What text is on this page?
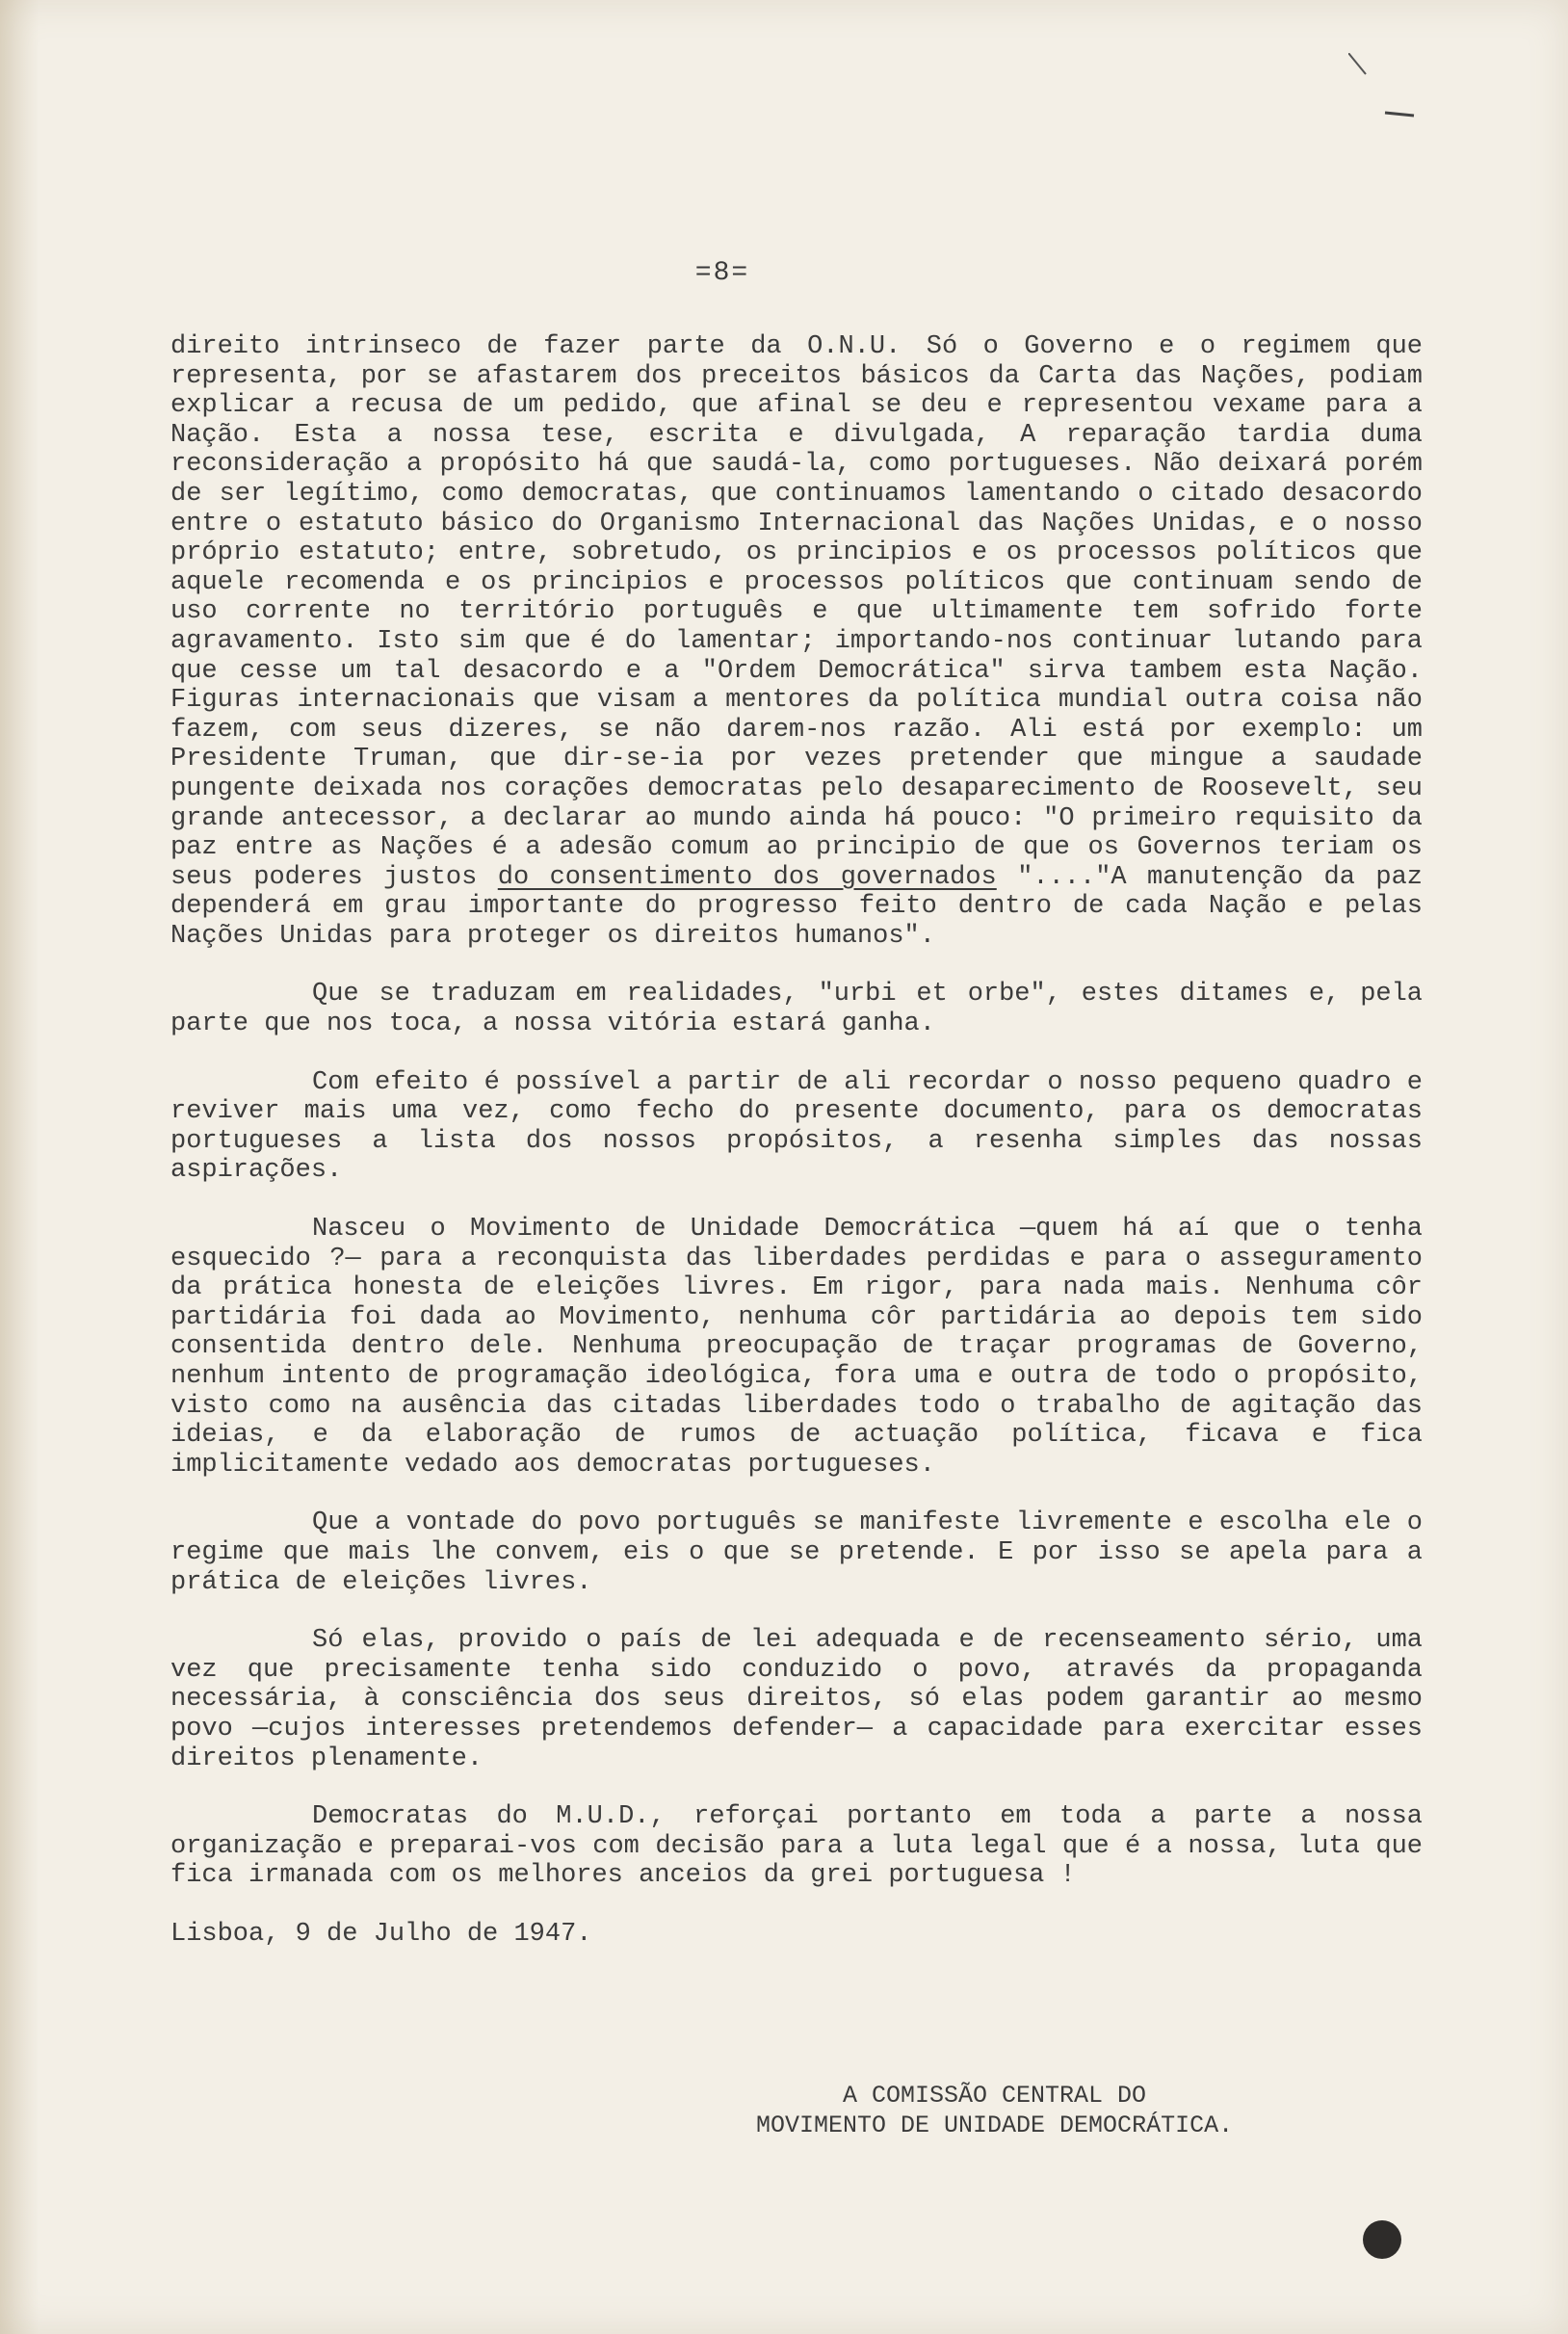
=8=

direito intrinseco de fazer parte da O.N.U. Só o Governo e o regimem que representa, por se afastarem dos preceitos básicos da Carta das Nações, podiam explicar a recusa de um pedido, que afinal se deu e representou vexame para a Nação. Esta a nossa tese, escrita e divulgada, A reparação tardia duma reconsideração a propósito há que saudá-la, como portugueses. Não deixará porém de ser legítimo, como democratas, que continuamos lamentando o citado desacordo entre o estatuto básico do Organismo Internacional das Nações Unidas, e o nosso próprio estatuto; entre, sobretudo, os principios e os processos políticos que aquele recomenda e os principios e processos políticos que continuam sendo de uso corrente no território português e que ultimamente tem sofrido forte agravamento. Isto sim que é do lamentar; importando-nos continuar lutando para que cesse um tal desacordo e a "Ordem Democrática" sirva tambem esta Nação. Figuras internacionais que visam a mentores da política mundial outra coisa não fazem, com seus dizeres, se não darem-nos razão. Ali está por exemplo: um Presidente Truman, que dir-se-ia por vezes pretender que mingue a saudade pungente deixada nos corações democratas pelo desaparecimento de Roosevelt, seu grande antecessor, a declarar ao mundo ainda há pouco: "O primeiro requisito da paz entre as Nações é a adesão comum ao principio de que os Governos teriam os seus poderes justos do consentimento dos governados "...."A manutenção da paz dependerá em grau importante do progresso feito dentro de cada Nação e pelas Nações Unidas para proteger os direitos humanos".

Que se traduzam em realidades, "urbi et orbe", estes ditames e, pela parte que nos toca, a nossa vitória estará ganha.

Com efeito é possível a partir de ali recordar o nosso pequeno quadro e reviver mais uma vez, como fecho do presente documento, para os democratas portugueses a lista dos nossos propósitos, a resenha simples das nossas aspirações.

Nasceu o Movimento de Unidade Democrática —quem há aí que o tenha esquecido ?— para a reconquista das liberdades perdidas e para o asseguramento da prática honesta de eleições livres. Em rigor, para nada mais. Nenhuma côr partidária foi dada ao Movimento, nenhuma côr partidária ao depois tem sido consentida dentro dele. Nenhuma preocupação de traçar programas de Governo, nenhum intento de programação ideológica, fora uma e outra de todo o propósito, visto como na ausência das citadas liberdades todo o trabalho de agitação das ideias, e da elaboração de rumos de actuação política, ficava e fica implicitamente vedado aos democratas portugueses.

Que a vontade do povo português se manifeste livremente e escolha ele o regime que mais lhe convem, eis o que se pretende. E por isso se apela para a prática de eleições livres.

Só elas, provido o país de lei adequada e de recenseamento sério, uma vez que precisamente tenha sido conduzido o povo, através da propaganda necessária, à consciência dos seus direitos, só elas podem garantir ao mesmo povo —cujos interesses pretendemos defender— a capacidade para exercitar esses direitos plenamente.

Democratas do M.U.D., reforçai portanto em toda a parte a nossa organização e preparai-vos com decisão para a luta legal que é a nossa, luta que fica irmanada com os melhores anceios da grei portuguesa !

Lisboa, 9 de Julho de 1947.

A COMISSÃO CENTRAL DO
MOVIMENTO DE UNIDADE DEMOCRÁTICA.
